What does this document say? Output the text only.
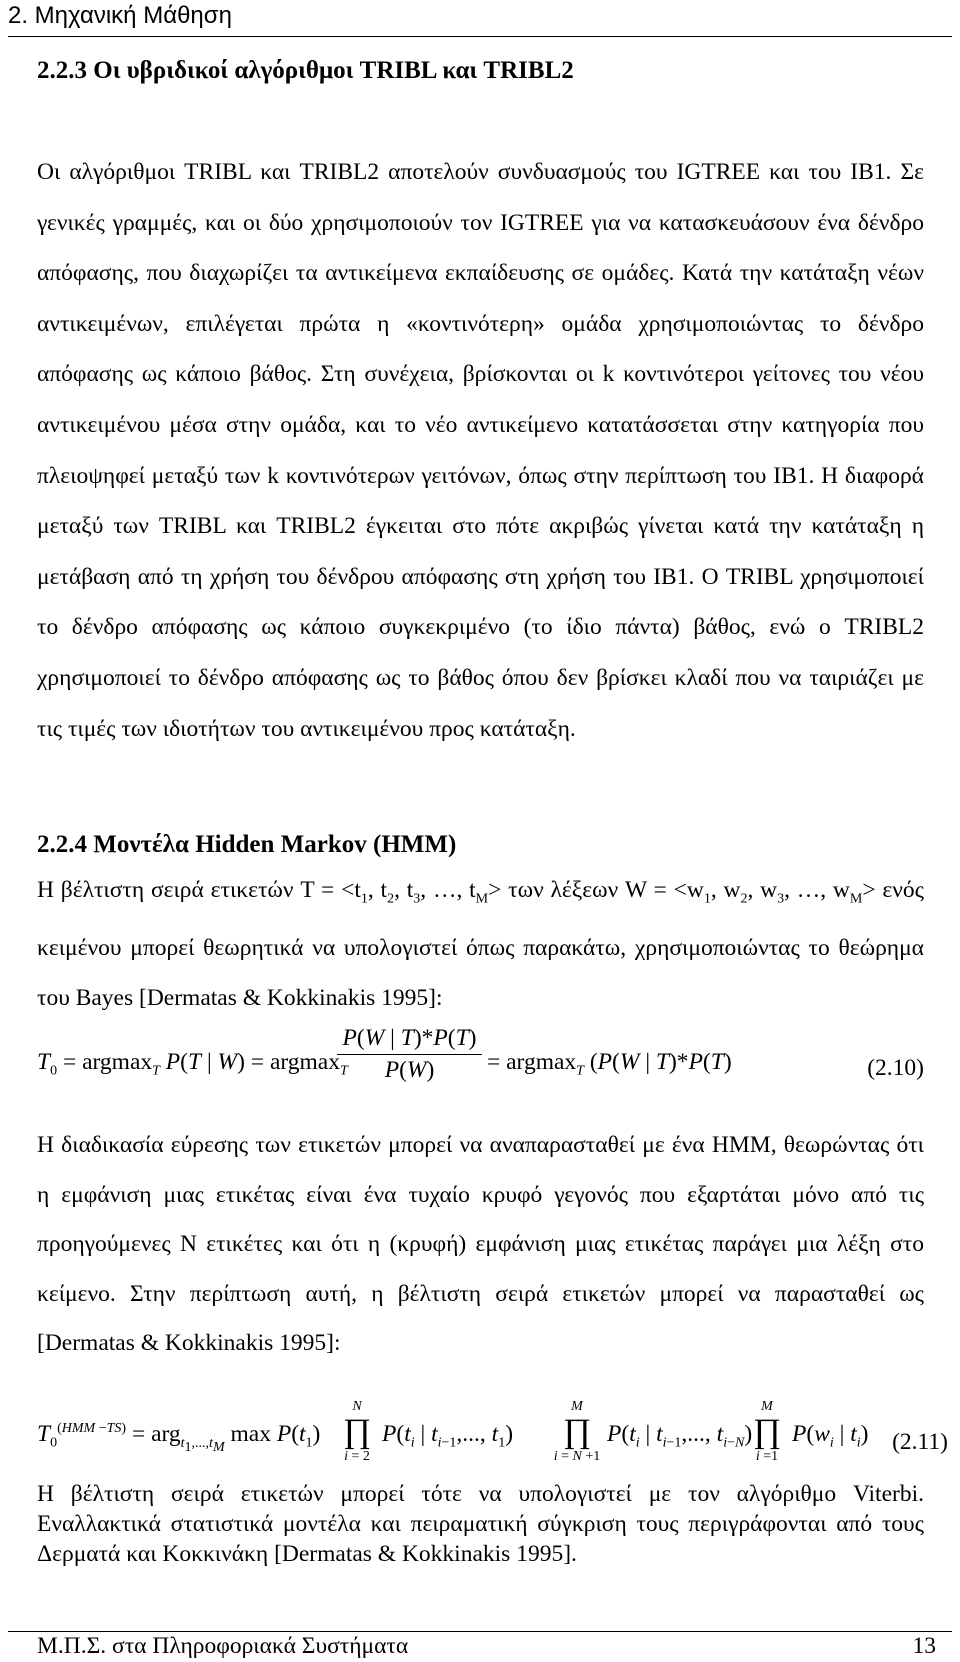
2. Μηχανική Μάθηση
2.2.3 Οι υβριδικοί αλγόριθμοι TRIBL και TRIBL2

Οι αλγόριθμοι TRIBL και TRIBL2 αποτελούν συνδυασμούς του IGTREE και του IB1. Σε γενικές γραμμές, και οι δύο χρησιμοποιούν τον IGTREE για να κατασκευάσουν ένα δένδρο απόφασης, που διαχωρίζει τα αντικείμενα εκπαίδευσης σε ομάδες. Κατά την κατάταξη νέων αντικειμένων, επιλέγεται πρώτα η «κοντινότερη» ομάδα χρησιμοποιώντας το δένδρο απόφασης ως κάποιο βάθος. Στη συνέχεια, βρίσκονται οι k κοντινότεροι γείτονες του νέου αντικειμένου μέσα στην ομάδα, και το νέο αντικείμενο κατατάσσεται στην κατηγορία που πλειοψηφεί μεταξύ των k κοντινότερων γειτόνων, όπως στην περίπτωση του IB1. Η διαφορά μεταξύ των TRIBL και TRIBL2 έγκειται στο πότε ακριβώς γίνεται κατά την κατάταξη η μετάβαση από τη χρήση του δένδρου απόφασης στη χρήση του IB1. Ο TRIBL χρησιμοποιεί το δένδρο απόφασης ως κάποιο συγκεκριμένο (το ίδιο πάντα) βάθος, ενώ ο TRIBL2 χρησιμοποιεί το δένδρο απόφασης ως το βάθος όπου δεν βρίσκει κλαδί που να ταιριάζει με τις τιμές των ιδιοτήτων του αντικειμένου προς κατάταξη.

2.2.4 Μοντέλα Hidden Markov (HMM)

Η βέλτιστη σειρά ετικετών $T = <t_1$, $t_2$, $t_3$, …, $t_M> \tau\omega\nu$ λέξεων $W = <w_1$, $w_2$, $w_3$, …, $w_M> \varepsilon\nu ό\varsigma$ κειμένου μπορεί θεωρητικά να υπολογιστεί όπως παρακάτω, χρησιμοποιώντας το θεώρημα του Bayes [Dermatas & Kokkinakis 1995]:

$T_0 = argmax_T$ P(T | W) = argmax$_T$
P(W | T)*P(T)
P(W)	= argmax$_T$ (P(W | T)*P(T)	(2.10)

Η διαδικασία εύρεσης των ετικετών μπορεί να αναπαρασταθεί με ένα HMM, θεωρώντας ότι η εμφάνιση μιας ετικέτας είναι ένα τυχαίο κρυφό γεγονός που εξαρτάται μόνο από τις προηγούμενες N ετικέτες και ότι η (κρυφή) εμφάνιση μιας ετικέτας παράγει μια λέξη στο κείμενο. Στην περίπτωση αυτή, η βέλτιστη σειρά ετικετών μπορεί να παρασταθεί ως [Dermatas & Kokkinakis 1995]:

$T_0^{(HMM -TS)} = arg_{t_1,...,t_M}$ $\max P(t_1)$
N
∏
i = 2
$P(t_i$ | $t_{i-1}$,..., $t_1$)
M
∏
i = N +1
$P(t_i$ | $t_{i-1}$,..., $t_{i-N}$)
M
∏
i =1
$P(w_i$ | $t_i$) (2.11)

Η βέλτιστη σειρά ετικετών μπορεί τότε να υπολογιστεί με τον αλγόριθμο Viterbi. Εναλλακτικά στατιστικά μοντέλα και πειραματική σύγκριση τους περιγράφονται από τους Δερματά και Κοκκινάκη [Dermatas & Kokkinakis 1995].

Μ.Π.Σ. στα Πληροφοριακά Συστήματα	13
